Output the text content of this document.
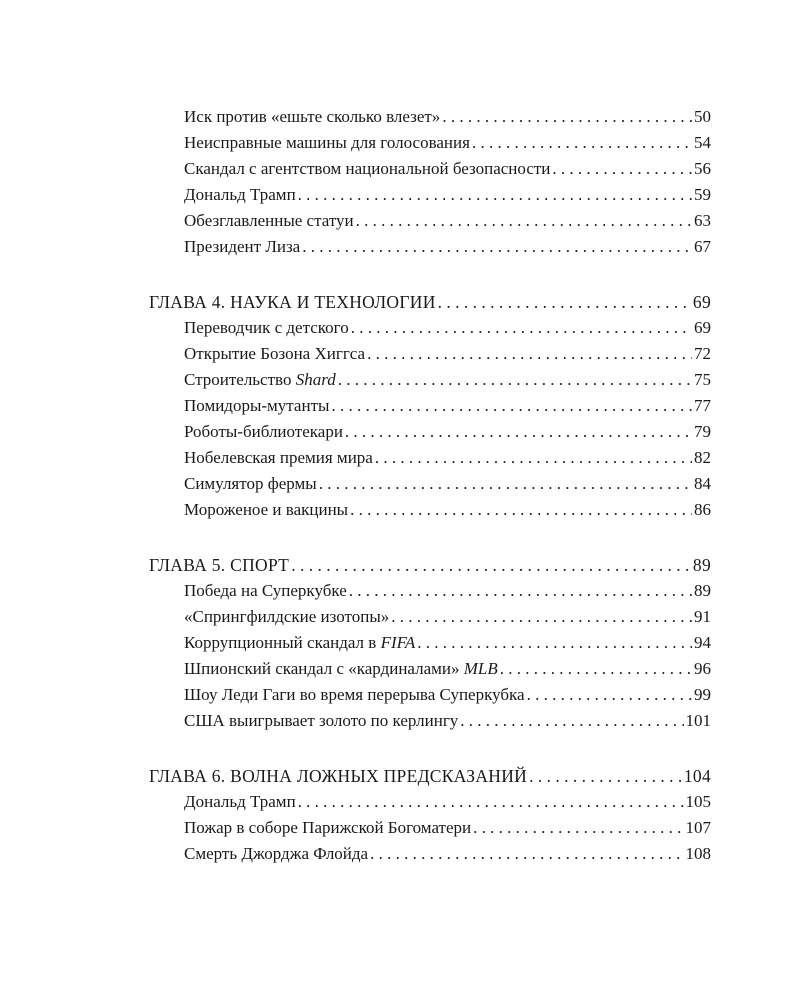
Иск против «ешьте сколько влезет» . . .	50
Неисправные машины для голосования . . .	54
Скандал с агентством национальной безопасности . . .	56
Дональд Трамп . . .	59
Обезглавленные статуи . . .	63
Президент Лиза . . .	67
ГЛАВА 4. НАУКА И ТЕХНОЛОГИИ . . .	69
Переводчик с детского . . .	69
Открытие Бозона Хиггса . . .	72
Строительство Shard . . .	75
Помидоры-мутанты . . .	77
Роботы-библиотекари . . .	79
Нобелевская премия мира . . .	82
Симулятор фермы . . .	84
Мороженое и вакцины . . .	86
ГЛАВА 5. СПОРТ . . .	89
Победа на Суперкубке . . .	89
«Спрингфилдские изотопы» . . .	91
Коррупционный скандал в FIFA . . .	94
Шпионский скандал с «кардиналами» MLB . . .	96
Шоу Леди Гаги во время перерыва Суперкубка . . .	99
США выигрывает золото по керлингу . . .	101
ГЛАВА 6. ВОЛНА ЛОЖНЫХ ПРЕДСКАЗАНИЙ . . .	104
Дональд Трамп . . .	105
Пожар в соборе Парижской Богоматери . . .	107
Смерть Джорджа Флойда . . .	108
